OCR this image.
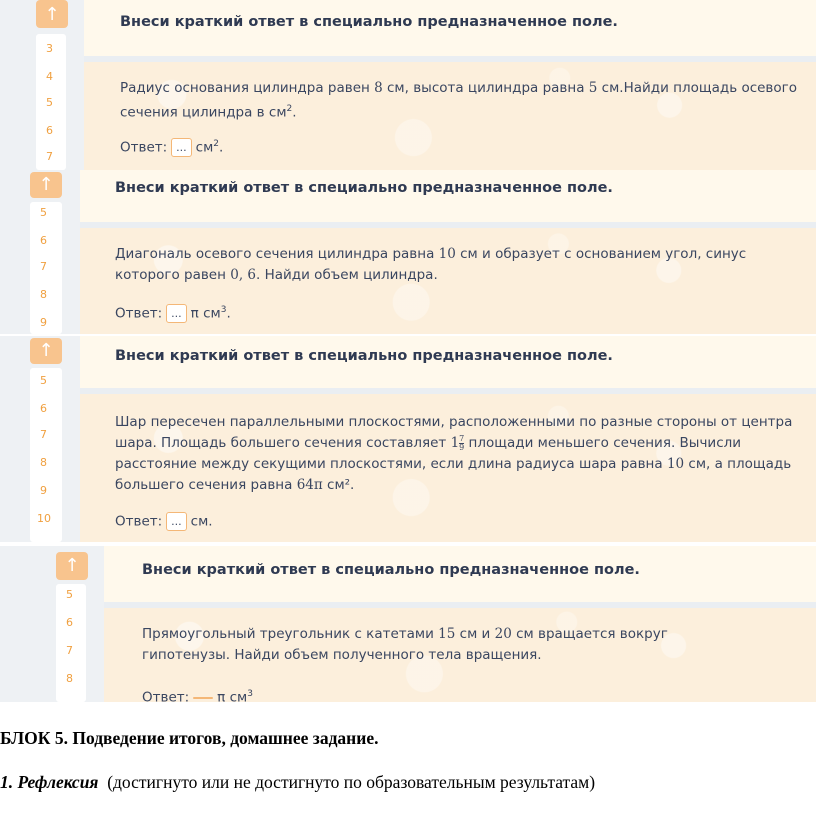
↑
3
4
5
6
7
Внеси краткий ответ в специально предназначенное поле.
Радиус основания цилиндра равен 8 см, высота цилиндра равна 5 см.Найди площадь осевого сечения цилиндра в $см^2$.
Ответ: ... $см^2$.
↑
5
6
7
8
9
Внеси краткий ответ в специально предназначенное поле.
Диагональ осевого сечения цилиндра равна 10 см и образует с основанием угол, синус которого равен 0, 6. Найди объем цилиндра.
Ответ: ... π $см^3$.
↑
5
6
7
8
9
10
Внеси краткий ответ в специально предназначенное поле.
Шар пересечен параллельными плоскостями, расположенными по разные стороны от центра шара. Площадь большего сечения составляет $1 \frac{7}{9}$ площади меньшего сечения. Вычисли расстояние между секущими плоскостями, если длина радиуса шара равна 10 см, а площадь большего сечения равна 64π см².
Ответ: ... см.
↑
5
6
7
8
Внеси краткий ответ в специально предназначенное поле.
Прямоугольный треугольник с катетами 15 см и 20 см вращается вокруг гипотенузы. Найди объем полученного тела вращения.
Ответ: π $см^3$
БЛОК 5. Подведение итогов, домашнее задание.
1. Рефлексия (достигнуто или не достигнуто по образовательным результатам)
